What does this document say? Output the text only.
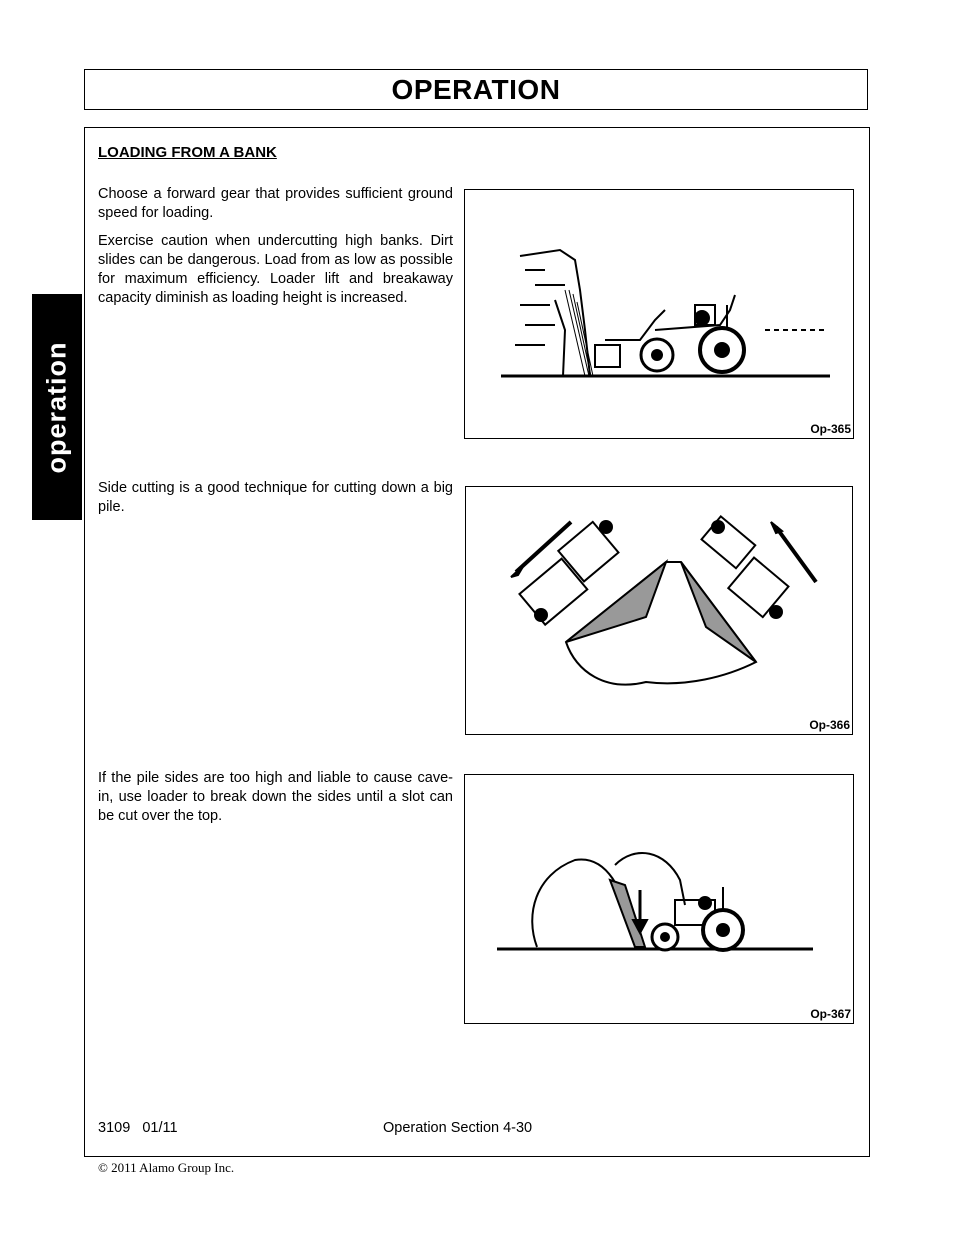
OPERATION
operation
LOADING FROM A BANK

Choose a forward gear that provides sufficient ground speed for loading.

Exercise caution when undercutting high banks. Dirt slides can be dangerous. Load from as low as possible for maximum efficiency. Loader lift and breakaway capacity diminish as loading height is increased.

Side cutting is a good technique for cutting down a big pile.

If the pile sides are too high and liable to cause cave-in, use loader to break down the sides until a slot can be cut over the top.

Op-365
Op-366
Op-367
3109   01/11	Operation Section 4-30
© 2011 Alamo Group Inc.
